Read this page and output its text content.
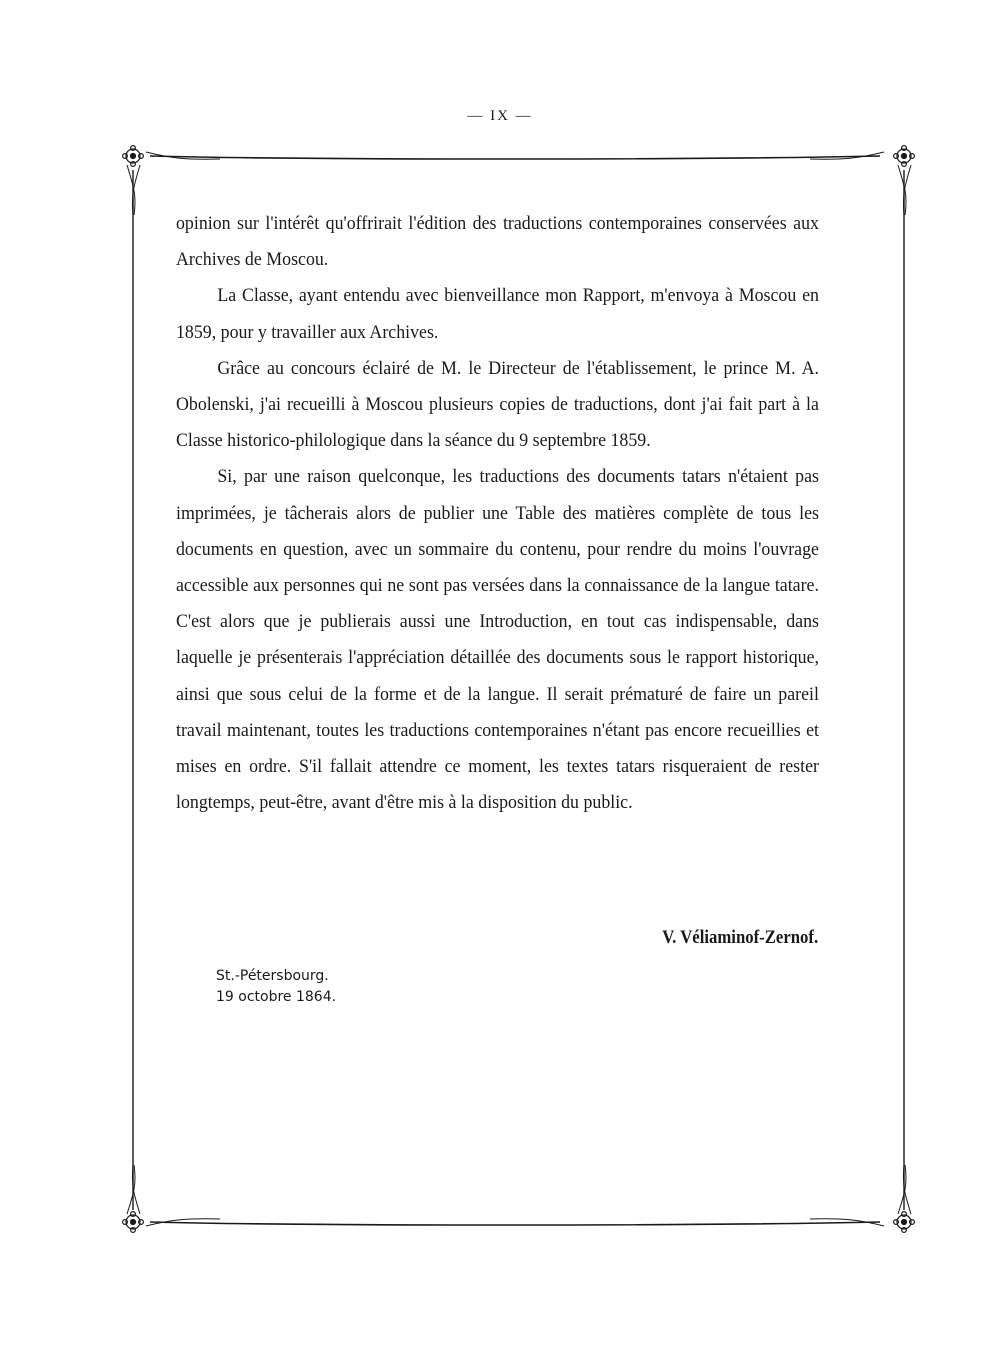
— IX —

opinion sur l'intérêt qu'offrirait l'édition des traductions contemporaines conservées aux Archives de Moscou.

La Classe, ayant entendu avec bienveillance mon Rapport, m'envoya à Moscou en 1859, pour y travailler aux Archives.

Grâce au concours éclairé de M. le Directeur de l'établissement, le prince M. A. Obolenski, j'ai recueilli à Moscou plusieurs copies de traductions, dont j'ai fait part à la Classe historico-philologique dans la séance du 9 septembre 1859.

Si, par une raison quelconque, les traductions des documents tatars n'étaient pas imprimées, je tâcherais alors de publier une Table des matières complète de tous les documents en question, avec un sommaire du contenu, pour rendre du moins l'ouvrage accessible aux personnes qui ne sont pas versées dans la connaissance de la langue tatare. C'est alors que je publierais aussi une Introduction, en tout cas indispensable, dans laquelle je présenterais l'appréciation détaillée des documents sous le rapport historique, ainsi que sous celui de la forme et de la langue. Il serait prématuré de faire un pareil travail maintenant, toutes les traductions contemporaines n'étant pas encore recueillies et mises en ordre. S'il fallait attendre ce moment, les textes tatars risqueraient de rester longtemps, peut-être, avant d'être mis à la disposition du public.

V. Véliaminof-Zernof.
St.-Pétersbourg.
19 octobre 1864.
